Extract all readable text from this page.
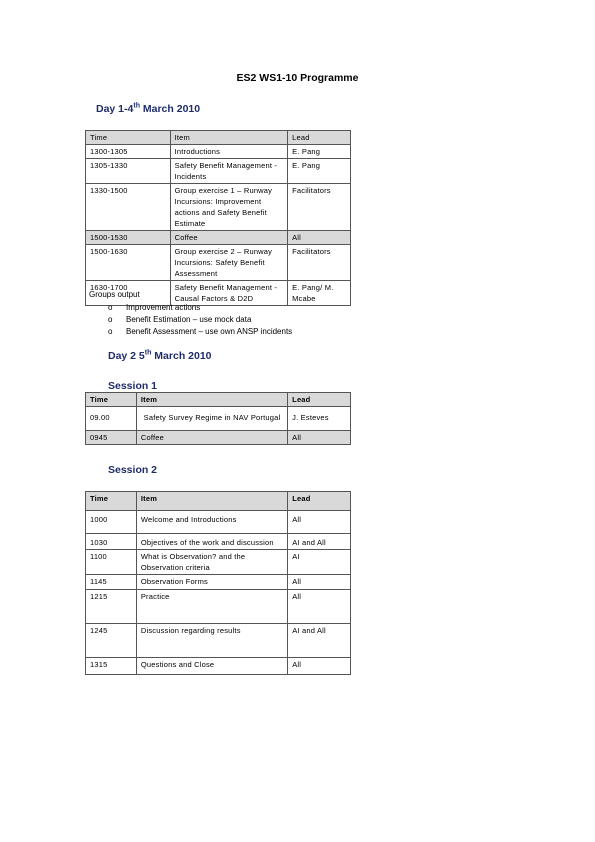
ES2 WS1-10 Programme
Day 1-4th March 2010
Time	Item	Lead
1300-1305	Introductions	E. Pang
1305-1330	Safety Benefit Management - Incidents	E. Pang
1330-1500	Group exercise 1 – Runway Incursions: Improvement actions and Safety Benefit Estimate	Facilitators
1500-1530	Coffee	All
1500-1630	Group exercise 2 – Runway Incursions: Safety Benefit Assessment	Facilitators
1630-1700	Safety Benefit Management - Causal Factors & D2D	E. Pang/ M. Mcabe
Groups output
o Improvement actions
o Benefit Estimation – use mock data
o Benefit Assessment – use own ANSP incidents
Day 2 5th March 2010
Session 1
Time	Item	Lead
09.00	Safety Survey Regime in NAV Portugal	J. Esteves
0945	Coffee	All
Session 2
Time	Item	Lead
1000	Welcome and Introductions	All
1030	Objectives of the work and discussion	AI and All
1100	What is Observation? and the Observation criteria	AI
1145	Observation Forms	All
1215	Practice	All
1245	Discussion regarding results	AI and All
1315	Questions and Close	All
